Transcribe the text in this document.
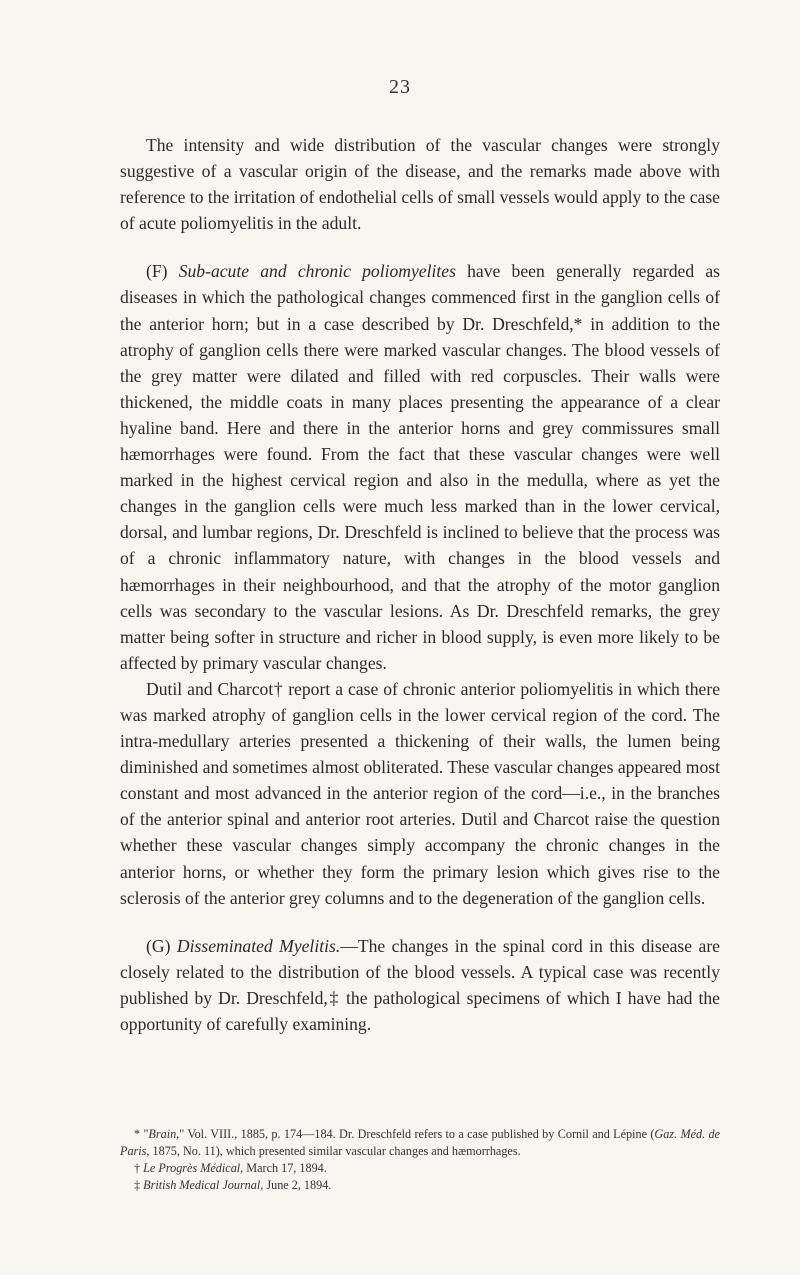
23

The intensity and wide distribution of the vascular changes were strongly suggestive of a vascular origin of the disease, and the remarks made above with reference to the irritation of endothelial cells of small vessels would apply to the case of acute poliomyelitis in the adult.

(F) Sub-acute and chronic poliomyelites have been generally regarded as diseases in which the pathological changes commenced first in the ganglion cells of the anterior horn; but in a case described by Dr. Dreschfeld,* in addition to the atrophy of ganglion cells there were marked vascular changes. The blood vessels of the grey matter were dilated and filled with red corpuscles. Their walls were thickened, the middle coats in many places presenting the appearance of a clear hyaline band. Here and there in the anterior horns and grey commissures small hæmorrhages were found. From the fact that these vascular changes were well marked in the highest cervical region and also in the medulla, where as yet the changes in the ganglion cells were much less marked than in the lower cervical, dorsal, and lumbar regions, Dr. Dreschfeld is inclined to believe that the process was of a chronic inflammatory nature, with changes in the blood vessels and hæmorrhages in their neighbourhood, and that the atrophy of the motor ganglion cells was secondary to the vascular lesions. As Dr. Dreschfeld remarks, the grey matter being softer in structure and richer in blood supply, is even more likely to be affected by primary vascular changes.

Dutil and Charcot† report a case of chronic anterior poliomyelitis in which there was marked atrophy of ganglion cells in the lower cervical region of the cord. The intra-medullary arteries presented a thickening of their walls, the lumen being diminished and sometimes almost obliterated. These vascular changes appeared most constant and most advanced in the anterior region of the cord—i.e., in the branches of the anterior spinal and anterior root arteries. Dutil and Charcot raise the question whether these vascular changes simply accompany the chronic changes in the anterior horns, or whether they form the primary lesion which gives rise to the sclerosis of the anterior grey columns and to the degeneration of the ganglion cells.

(G) Disseminated Myelitis.—The changes in the spinal cord in this disease are closely related to the distribution of the blood vessels. A typical case was recently published by Dr. Dreschfeld,‡ the pathological specimens of which I have had the opportunity of carefully examining.

* "Brain," Vol. VIII., 1885, p. 174—184. Dr. Dreschfeld refers to a case published by Cornil and Lépine (Gaz. Méd. de Paris, 1875, No. 11), which presented similar vascular changes and hæmorrhages.

† Le Progrès Médical, March 17, 1894.

‡ British Medical Journal, June 2, 1894.
